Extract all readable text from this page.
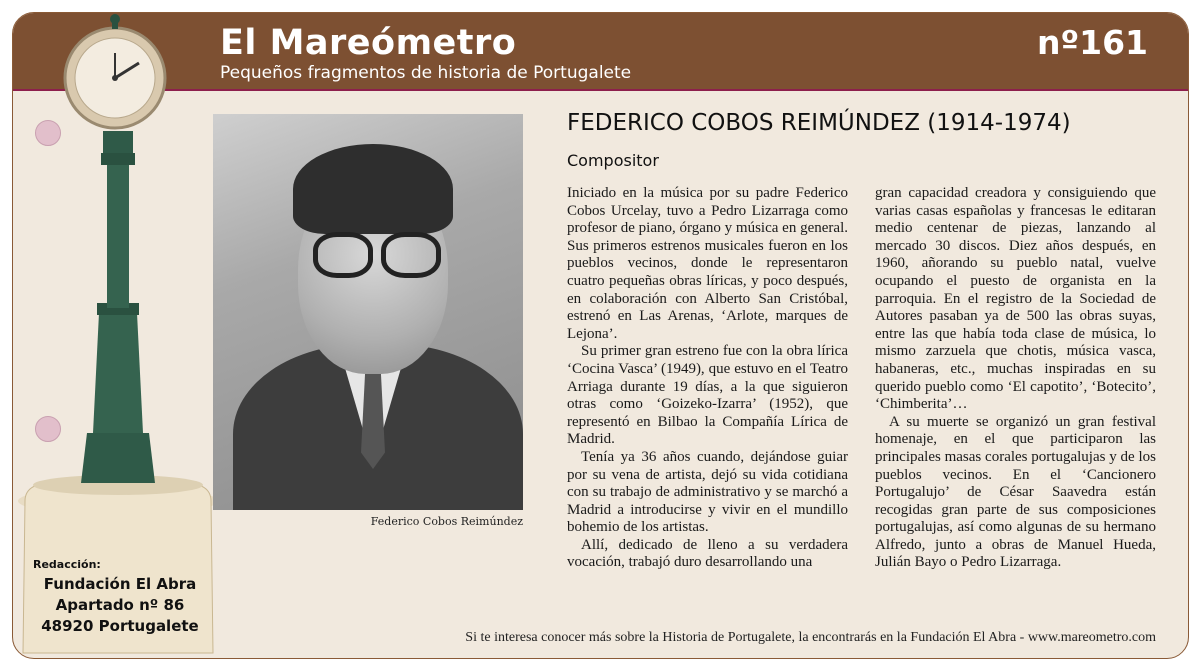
El Mareómetro
Pequeños fragmentos de historia de Portugalete
nº161
Redacción:
Fundación El Abra
Apartado nº 86
48920 Portugalete
Federico Cobos Reimúndez
FEDERICO COBOS REIMÚNDEZ (1914-1974)
Compositor

Iniciado en la música por su padre Federico Cobos Urcelay, tuvo a Pedro Lizarraga como profesor de piano, órgano y música en general. Sus primeros estrenos musicales fueron en los pueblos vecinos, donde le representaron cuatro pequeñas obras líricas, y poco después, en colaboración con Alberto San Cristóbal, estrenó en Las Arenas, ‘Arlote, marques de Lejona’.

Su primer gran estreno fue con la obra lírica ‘Cocina Vasca’ (1949), que estuvo en el Teatro Arriaga durante 19 días, a la que siguieron otras como ‘Goizeko-Izarra’ (1952), que representó en Bilbao la Compañía Lírica de Madrid.

Tenía ya 36 años cuando, dejándose guiar por su vena de artista, dejó su vida cotidiana con su trabajo de administrativo y se marchó a Madrid a introducirse y vivir en el mundillo bohemio de los artistas.

Allí, dedicado de lleno a su verdadera vocación, trabajó duro desarrollando una

gran capacidad creadora y consiguiendo que varias casas españolas y francesas le editaran medio centenar de piezas, lanzando al mercado 30 discos. Diez años después, en 1960, añorando su pueblo natal, vuelve ocupando el puesto de organista en la parroquia. En el registro de la Sociedad de Autores pasaban ya de 500 las obras suyas, entre las que había toda clase de música, lo mismo zarzuela que chotis, música vasca, habaneras, etc., muchas inspiradas en su querido pueblo como ‘El capotito’, ‘Botecito’, ‘Chimberita’…

A su muerte se organizó un gran festival homenaje, en el que participaron las principales masas corales portugalujas y de los pueblos vecinos. En el ‘Cancionero Portugalujo’ de César Saavedra están recogidas gran parte de sus composiciones portugalujas, así como algunas de su hermano Alfredo, junto a obras de Manuel Hueda, Julián Bayo o Pedro Lizarraga.

Si te interesa conocer más sobre la Historia de Portugalete, la encontrarás en la Fundación El Abra - www.mareometro.com
